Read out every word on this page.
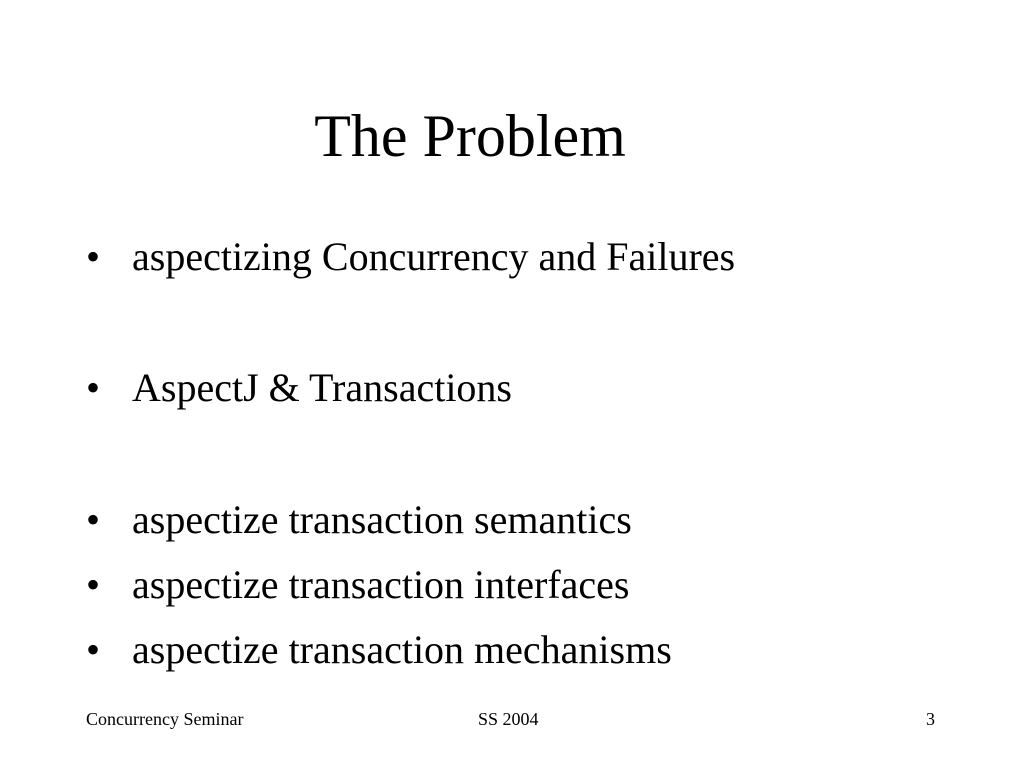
The Problem
• aspectizing Concurrency and Failures
• AspectJ & Transactions
• aspectize transaction semantics
• aspectize transaction interfaces
• aspectize transaction mechanisms
Concurrency Seminar	SS 2004	3
